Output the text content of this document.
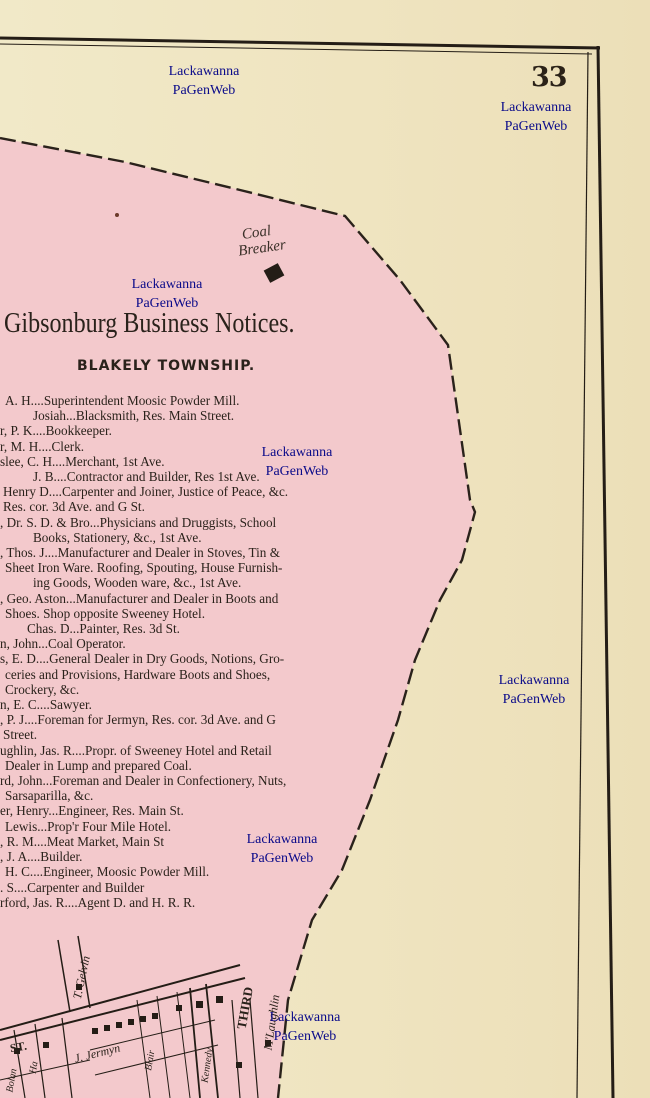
33
Coal
Breaker
Gibsonburg Business Notices.
BLAKELY TOWNSHIP.
A. H....Superintendent Moosic Powder Mill.
Josiah...Blacksmith, Res. Main Street.
r, P. K....Bookkeeper.
r, M. H....Clerk.
slee, C. H....Merchant, 1st Ave.
J. B....Contractor and Builder, Res 1st Ave.
Henry D....Carpenter and Joiner, Justice of Peace, &c.
Res. cor. 3d Ave. and G St.
, Dr. S. D. & Bro...Physicians and Druggists, School
Books, Stationery, &c., 1st Ave.
, Thos. J....Manufacturer and Dealer in Stoves, Tin &
Sheet Iron Ware. Roofing, Spouting, House Furnish-
ing Goods, Wooden ware, &c., 1st Ave.
, Geo. Aston...Manufacturer and Dealer in Boots and
Shoes. Shop opposite Sweeney Hotel.
Chas. D...Painter, Res. 3d St.
n, John...Coal Operator.
s, E. D....General Dealer in Dry Goods, Notions, Gro-
ceries and Provisions, Hardware Boots and Shoes,
Crockery, &c.
n, E. C....Sawyer.
, P. J....Foreman for Jermyn, Res. cor. 3d Ave. and G
Street.
ughlin, Jas. R....Propr. of Sweeney Hotel and Retail
Dealer in Lump and prepared Coal.
rd, John...Foreman and Dealer in Confectionery, Nuts,
Sarsaparilla, &c.
er, Henry...Engineer, Res. Main St.
Lewis...Prop'r Four Mile Hotel.
, R. M....Meat Market, Main St
, J. A....Builder.
H. C....Engineer, Moosic Powder Mill.
. S....Carpenter and Builder
rford, Jas. R....Agent D. and H. R. R.
T. Gelvin
J. Jermyn
THIRD M'Laughlin
ST.
Kennedy
Blair
Ha
Bolan
Lackawanna
PaGenWeb
Lackawanna
PaGenWeb
Lackawanna
PaGenWeb
Lackawanna
PaGenWeb
Lackawanna
PaGenWeb
Lackawanna
PaGenWeb
Lackawanna
PaGenWeb
